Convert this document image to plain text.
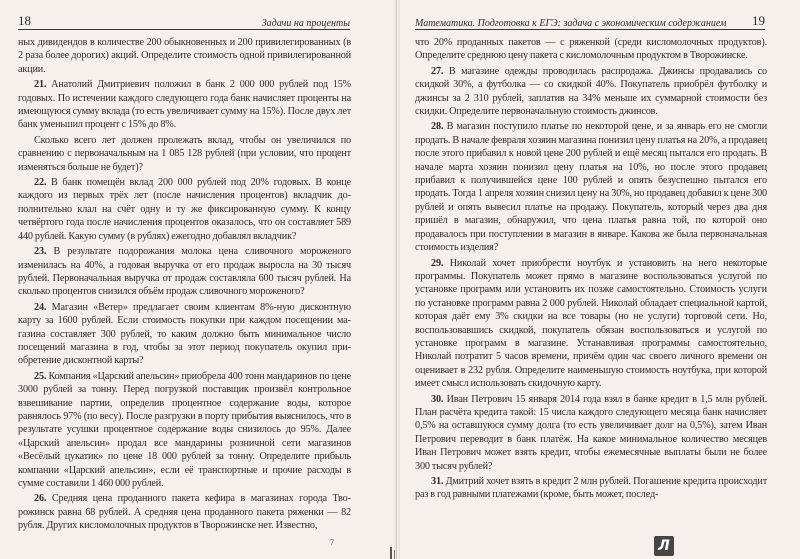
18	Задачи на проценты

ных дивидендов в количестве 200 обыкновенных и 200 привилегированных (в 2 раза более дорогих) акций. Определите стоимость одной привилегированной акции.

21. Анатолий Дмитриевич положил в банк 2 000 000 рублей под 15% годовых. По истечении каждого следующего года банк начисляет проценты на имеющуюся сумму вклада (то есть увеличивает сумму на 15%). После двух лет банк уменьшил процент с 15% до 8%.

Сколько всего лет должен пролежать вклад, чтобы он увеличился по сравнению с первоначальным на 1 085 128 рублей (при условии, что процент изменяться больше не будет)?

22. В банк помещён вклад 200 000 рублей под 20% годовых. В конце каждого из первых трёх лет (после начисления процентов) вкладчик дополнительно клал на счёт одну и ту же фиксированную сумму. К концу четвёртого года после начисления процентов оказалось, что он составляет 589 440 рублей. Какую сумму (в рублях) ежегодно добавлял вкладчик?

23. В результате подорожания молока цена сливочного мороженого изменилась на 40%, а годовая выручка от его продаж выросла на 30 тысяч рублей. Первоначальная выручка от продаж составляла 600 тысяч рублей. На сколько процентов снизился объём продаж сливочного мороженого?

24. Магазин «Ветер» предлагает своим клиентам 8%-ную дисконтную карту за 1600 рублей. Если стоимость покупки при каждом посещении магазина составляет 300 рублей, то каким должно быть минимальное число посещений магазина в год, чтобы за этот период покупатель окупил приобретение дисконтной карты?

25. Компания «Царский апельсин» приобрела 400 тонн мандаринов по цене 3000 рублей за тонну. Перед погрузкой поставщик произвёл контрольное взвешивание партии, определив процентное содержание воды, которое равнялось 97% (по весу). После разгрузки в порту прибытия выяснилось, что в результате усушки процентное содержание воды снизилось до 95%. Далее «Царский апельсин» продал все мандарины розничной сети магазинов «Весёлый цукатик» по цене 18 000 рублей за тонну. Определите прибыль компании «Царский апельсин», если её транспортные и прочие расходы в сумме составили 1 460 000 рублей.

26. Средняя цена проданного пакета кефира в магазинах города Творожинск равна 68 рублей. А средняя цена проданного пакета ряженки — 82 рубля. Других кисломолочных продуктов в Творожинске нет. Известно,

7
Математика. Подготовка к ЕГЭ: задача с экономическим содержанием 19

что 20% проданных пакетов — с ряженкой (среди кисломолочных продуктов). Определите среднюю цену пакета с кисломолочным продуктом в Творожинске.

27. В магазине одежды проводилась распродажа. Джинсы продавались со скидкой 30%, а футболка — со скидкой 40%. Покупатель приобрёл футболку и джинсы за 2 310 рублей, заплатив на 34% меньше их суммарной стоимости без скидки. Определите первоначальную стоимость джинсов.

28. В магазин поступило платье по некоторой цене, и за январь его не смогли продать. В начале февраля хозяин магазина понизил цену платья на 20%, а продавец после этого прибавил к новой цене 200 рублей и ещё месяц пытался его продать. В начале марта хозяин понизил цену платья на 10%, но после этого продавец прибавил к получившейся цене 100 рублей и опять безуспешно пытался его продать. Тогда 1 апреля хозяин снизил цену на 30%, но продавец добавил к цене 300 рублей и опять вывесил платье на продажу. Покупатель, который через два дня пришёл в магазин, обнаружил, что цена платья равна той, по которой оно продавалось при поступлении в магазин в январе. Какова же была первоначальная стоимость изделия?

29. Николай хочет приобрести ноутбук и установить на него некоторые программы. Покупатель может прямо в магазине воспользоваться услугой по установке программ или установить их позже самостоятельно. Стоимость услуги по установке программ равна 2 000 рублей. Николай обладает специальной картой, которая даёт ему 3% скидки на все товары (но не услуги) торговой сети. Но, воспользовавшись скидкой, покупатель обязан воспользоваться и услугой по установке программ в магазине. Устанавливая программы самостоятельно, Николай потратит 5 часов времени, причём один час своего личного времени он оценивает в 232 рубля. Определите наименьшую стоимость ноутбука, при которой имеет смысл использовать скидочную карту.

30. Иван Петрович 15 января 2014 года взял в банке кредит в 1,5 млн рублей. План расчёта кредита такой: 15 числа каждого следующего месяца банк начисляет 0,5% на оставшуюся сумму долга (то есть увеличивает долг на 0,5%), затем Иван Петрович переводит в банк платёж. На какое минимальное количество месяцев Иван Петрович может взять кредит, чтобы ежемесячные выплаты были не более 300 тысяч рублей?

31. Дмитрий хочет взять в кредит 2 млн рублей. Погашение кредита происходит раз в год равными платежами (кроме, быть может, послед-

Л
